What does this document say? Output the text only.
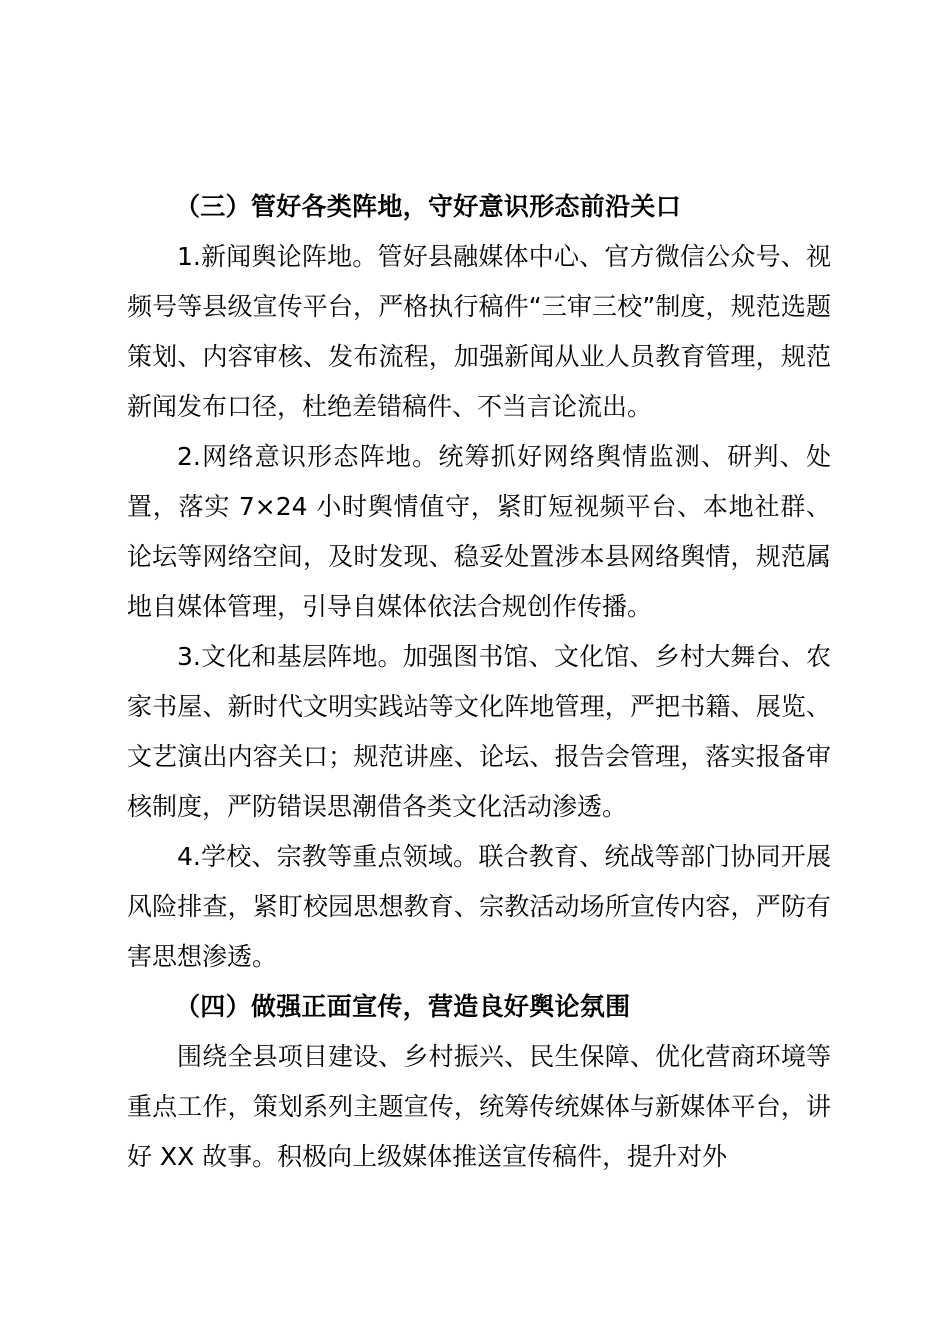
（三）管好各类阵地，守好意识形态前沿关口

1.新闻舆论阵地。管好县融媒体中心、官方微信公众号、视频号等县级宣传平台，严格执行稿件“三审三校”制度，规范选题策划、内容审核、发布流程，加强新闻从业人员教育管理，规范新闻发布口径，杜绝差错稿件、不当言论流出。

2.网络意识形态阵地。统筹抓好网络舆情监测、研判、处置，落实 7×24 小时舆情值守，紧盯短视频平台、本地社群、论坛等网络空间，及时发现、稳妥处置涉本县网络舆情，规范属地自媒体管理，引导自媒体依法合规创作传播。

3.文化和基层阵地。加强图书馆、文化馆、乡村大舞台、农家书屋、新时代文明实践站等文化阵地管理，严把书籍、展览、文艺演出内容关口；规范讲座、论坛、报告会管理，落实报备审核制度，严防错误思潮借各类文化活动渗透。

4.学校、宗教等重点领域。联合教育、统战等部门协同开展风险排查，紧盯校园思想教育、宗教活动场所宣传内容，严防有害思想渗透。

（四）做强正面宣传，营造良好舆论氛围

围绕全县项目建设、乡村振兴、民生保障、优化营商环境等重点工作，策划系列主题宣传，统筹传统媒体与新媒体平台，讲好 XX 故事。积极向上级媒体推送宣传稿件，提升对外
